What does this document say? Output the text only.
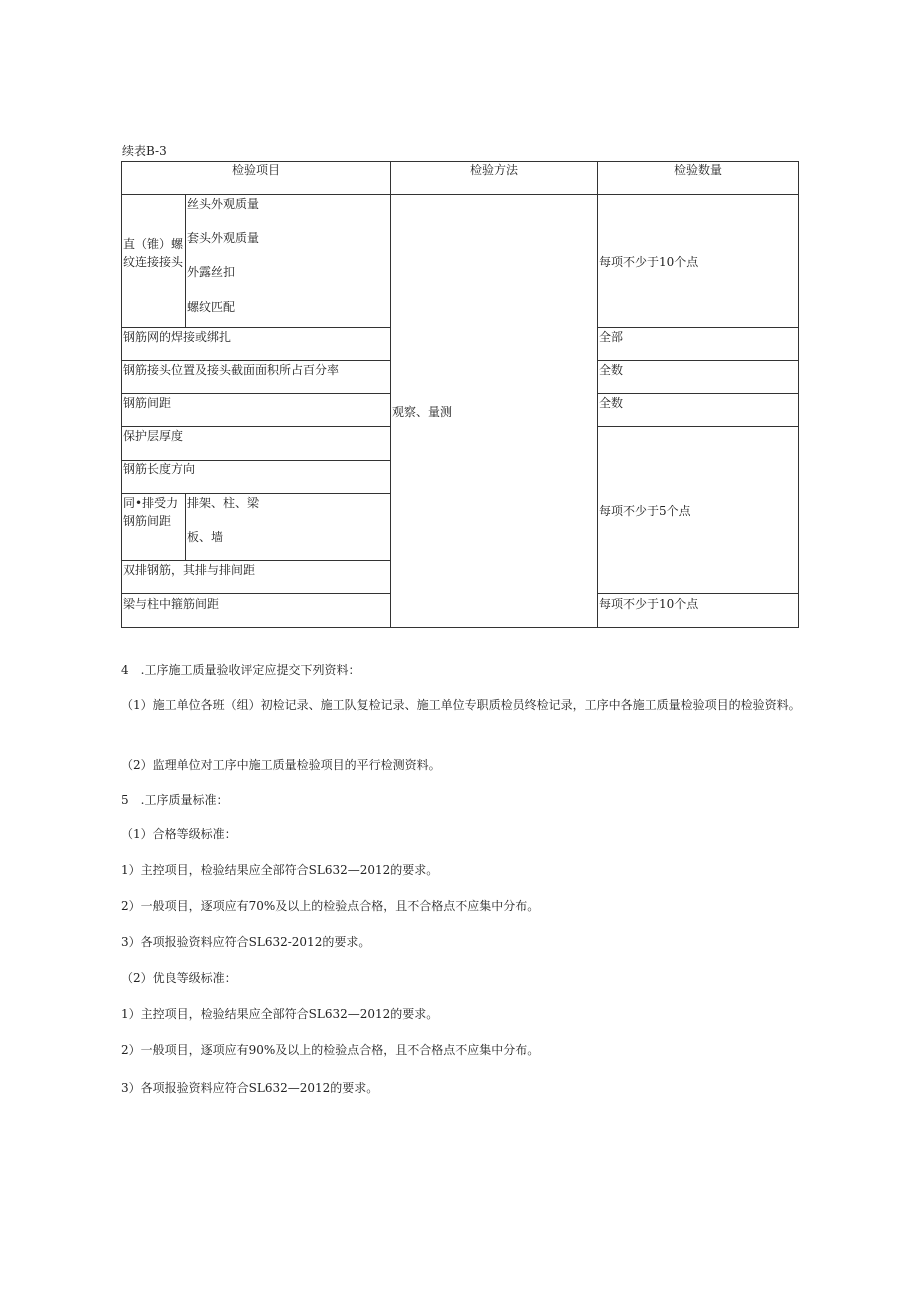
续表B-3
检验项目	检验方法	检验数量
直（锥）螺纹连接接头
丝头外观质量
套头外观质量
外露丝扣
螺纹匹配
钢筋网的焊接或绑扎
钢筋接头位置及接头截面面积所占百分率
钢筋间距
保护层厚度
钢筋长度方向
同•排受力钢筋间距
排架、柱、梁
板、墙
双排钢筋，其排与排间距
梁与柱中箍筋间距
观察、量测
每项不少于10个点
全部
全数
全数
每项不少于5个点
每项不少于10个点
4　.工序施工质量验收评定应提交下列资料：
（1）施工单位各班（组）初检记录、施工队复检记录、施工单位专职质检员终检记录，工序中各施工质量检验项目的检验资料。
（2）监理单位对工序中施工质量检验项目的平行检测资料。
5　.工序质量标准：
（1）合格等级标准：
1）主控项目，检验结果应全部符合SL632—2012的要求。
2）一般项目，逐项应有70%及以上的检验点合格，且不合格点不应集中分布。
3）各项报验资料应符合SL632-2012的要求。
（2）优良等级标准：
1）主控项目，检验结果应全部符合SL632—2012的要求。
2）一般项目，逐项应有90%及以上的检验点合格，且不合格点不应集中分布。
3）各项报验资料应符合SL632—2012的要求。
